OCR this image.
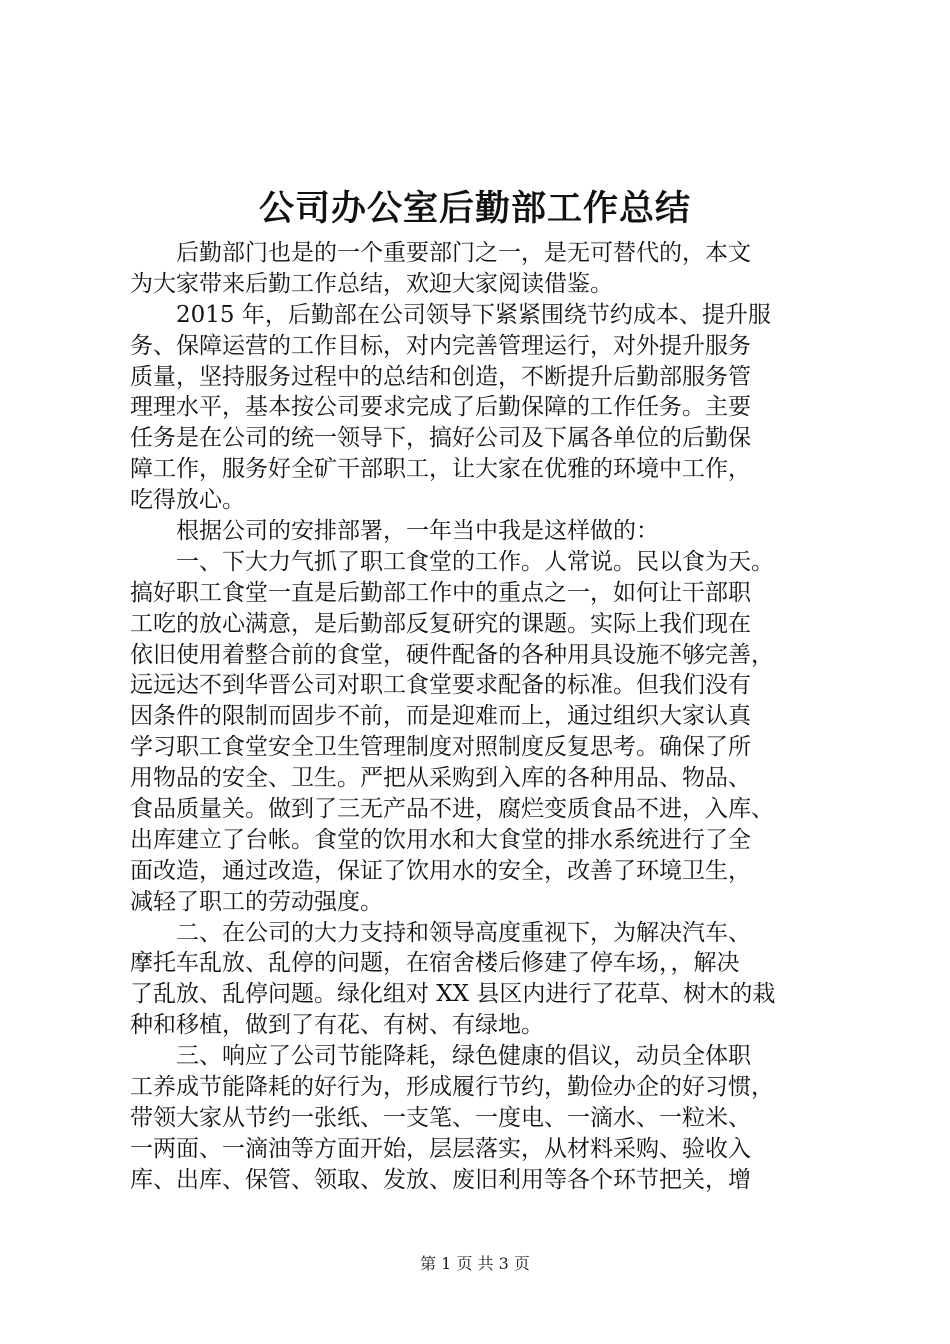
公司办公室后勤部工作总结

　　后勤部门也是的一个重要部门之一，是无可替代的，本文

为大家带来后勤工作总结，欢迎大家阅读借鉴。

　　2015 年，后勤部在公司领导下紧紧围绕节约成本、提升服

务、保障运营的工作目标，对内完善管理运行，对外提升服务

质量，坚持服务过程中的总结和创造，不断提升后勤部服务管

理理水平，基本按公司要求完成了后勤保障的工作任务。主要

任务是在公司的统一领导下，搞好公司及下属各单位的后勤保

障工作，服务好全矿干部职工，让大家在优雅的环境中工作，

吃得放心。

　　根据公司的安排部署，一年当中我是这样做的：

　　一、下大力气抓了职工食堂的工作。人常说。民以食为天。

搞好职工食堂一直是后勤部工作中的重点之一，如何让干部职

工吃的放心满意，是后勤部反复研究的课题。实际上我们现在

依旧使用着整合前的食堂，硬件配备的各种用具设施不够完善，

远远达不到华晋公司对职工食堂要求配备的标准。但我们没有

因条件的限制而固步不前，而是迎难而上，通过组织大家认真

学习职工食堂安全卫生管理制度对照制度反复思考。确保了所

用物品的安全、卫生。严把从采购到入库的各种用品、物品、

食品质量关。做到了三无产品不进，腐烂变质食品不进，入库、

出库建立了台帐。食堂的饮用水和大食堂的排水系统进行了全

面改造，通过改造，保证了饮用水的安全，改善了环境卫生，

减轻了职工的劳动强度。

　　二、在公司的大力支持和领导高度重视下，为解决汽车、

摩托车乱放、乱停的问题，在宿舍楼后修建了停车场，，解决

了乱放、乱停问题。绿化组对 XX 县区内进行了花草、树木的栽

种和移植，做到了有花、有树、有绿地。

　　三、响应了公司节能降耗，绿色健康的倡议，动员全体职

工养成节能降耗的好行为，形成履行节约，勤俭办企的好习惯，

带领大家从节约一张纸、一支笔、一度电、一滴水、一粒米、

一两面、一滴油等方面开始，层层落实，从材料采购、验收入

库、出库、保管、领取、发放、废旧利用等各个环节把关，增

第 1 页 共 3 页
